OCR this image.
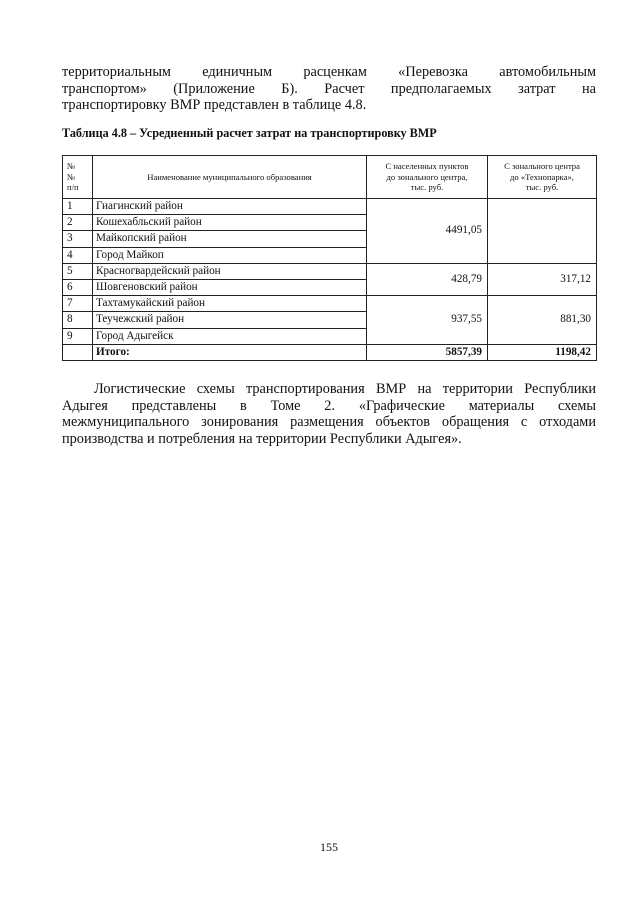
территориальным единичным расценкам «Перевозка автомобильным
транспортом» (Приложение Б). Расчет предполагаемых затрат на
транспортировку ВМР представлен в таблице 4.8.
Таблица 4.8 – Усредненный расчет затрат на транспортировку ВМР
№
№
п/п	Наименование муниципального образования	С населенных пунктов
до зонального центра,
тыс. руб.	С зонального центра
до «Технопарка»,
тыс. руб.
1	Гиагинский район	4491,05	
2	Кошехабльский район		
3	Майкопский район		
4	Город Майкоп		
5	Красногвардейский район	428,79	317,12
6	Шовгеновский район		
7	Тахтамукайский район	937,55	881,30
8	Теучежский район		
9	Город Адыгейск		
	Итого:	5857,39	1198,42
Логистические схемы транспортирования ВМР на территории Республики
Адыгея представлены в Томе 2. «Графические материалы схемы
межмуниципального зонирования размещения объектов обращения с отходами
производства и потребления на территории Республики Адыгея».
155
